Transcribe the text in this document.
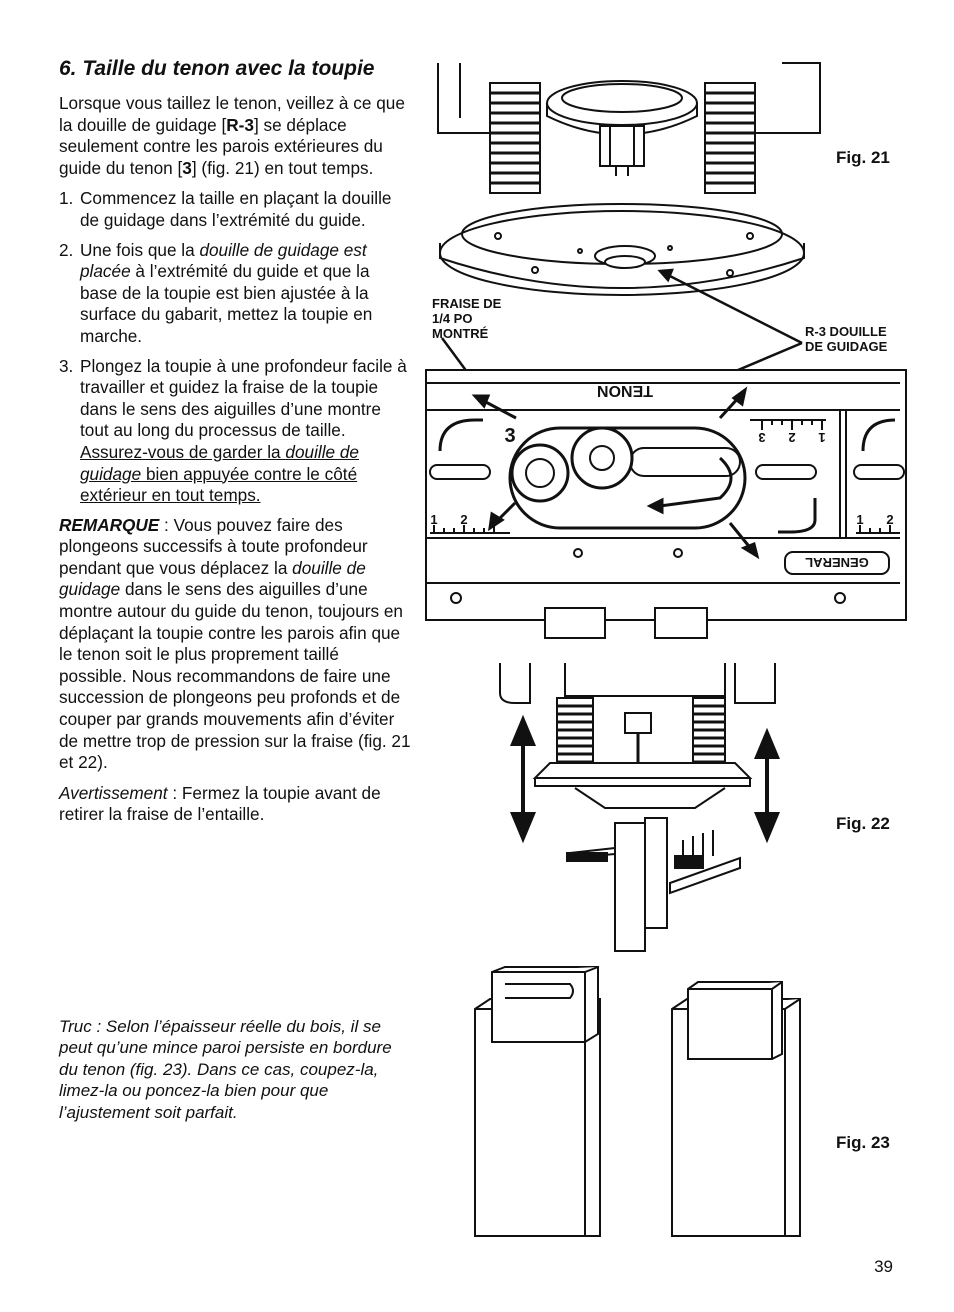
6. Taille du tenon avec la toupie

Lorsque vous taillez le tenon, veillez à ce que la douille de guidage [R-3] se déplace seulement contre les parois extérieures du guide du tenon [3] (fig. 21) en tout temps.

1. Commencez la taille en plaçant la douille de guidage dans l’extrémité du guide.
2. Une fois que la douille de guidage est placée à l’extrémité du guide et que la base de la toupie est bien ajustée à la surface du gabarit, mettez la toupie en marche.
3. Plongez la toupie à une profondeur facile à travailler et guidez la fraise de la toupie dans le sens des aiguilles d’une montre tout au long du processus de taille. Assurez-vous de garder la douille de guidage bien appuyée contre le côté extérieur en tout temps.

REMARQUE : Vous pouvez faire des plongeons successifs à toute profondeur pendant que vous déplacez la douille de guidage dans le sens des aiguilles d’une montre autour du guide du tenon, toujours en déplaçant la toupie contre les parois afin que le tenon soit le plus proprement taillé possible. Nous recommandons de faire une succession de plongeons peu profonds et de couper par grands mouvements afin d’éviter de mettre trop de pression sur la fraise (fig. 21 et 22).

Avertissement : Fermez la toupie avant de retirer la fraise de l’entaille.

Truc : Selon l’épaisseur réelle du bois, il se peut qu’une mince paroi persiste en bordure du tenon (fig. 23). Dans ce cas, coupez-la, limez-la ou poncez-la bien pour que l’ajustement soit parfait.
TENON
3
GENERAL
1 2 3
3 2 1
1 2
FRAISE DE
1/4 PO
MONTRÉ	R-3 DOUILLE
DE GUIDAGE
Fig. 21
Fig. 22
Fig. 23
39
